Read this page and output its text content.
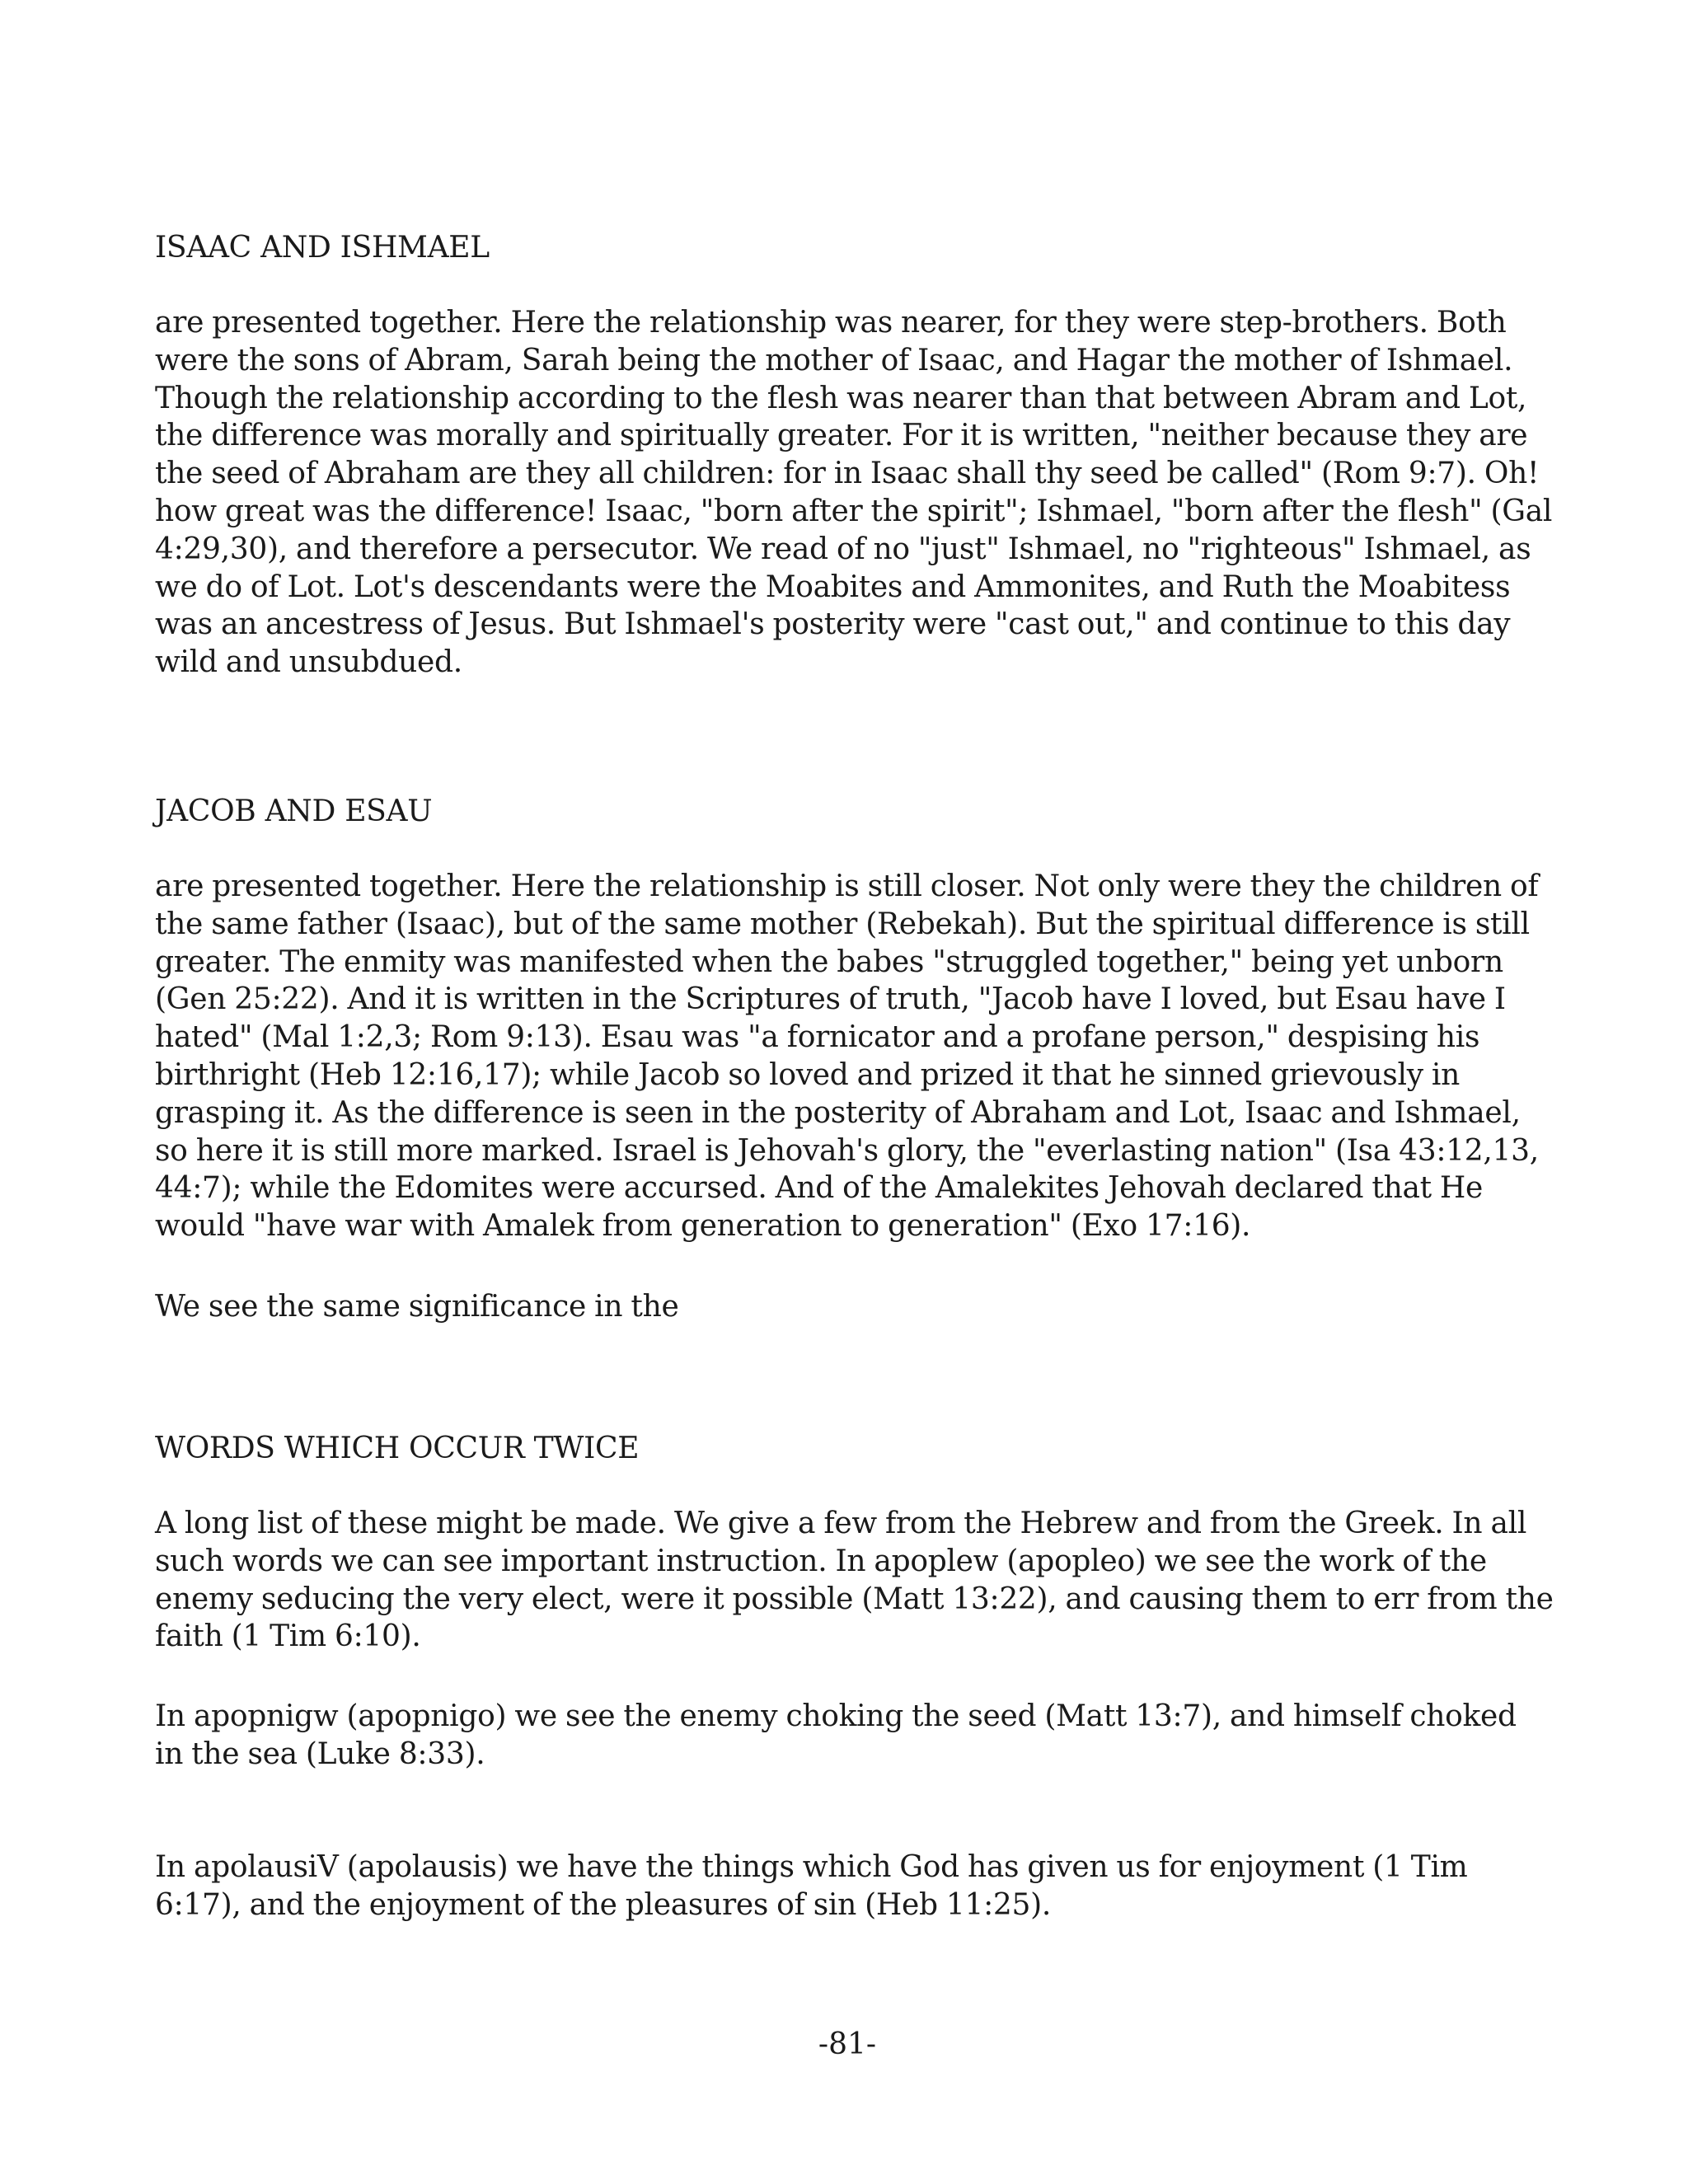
ISAAC AND ISHMAEL

are presented together. Here the relationship was nearer, for they were step-brothers. Both
were the sons of Abram, Sarah being the mother of Isaac, and Hagar the mother of Ishmael.
Though the relationship according to the flesh was nearer than that between Abram and Lot,
the difference was morally and spiritually greater. For it is written, "neither because they are
the seed of Abraham are they all children: for in Isaac shall thy seed be called" (Rom 9:7). Oh!
how great was the difference! Isaac, "born after the spirit"; Ishmael, "born after the flesh" (Gal
4:29,30), and therefore a persecutor. We read of no "just" Ishmael, no "righteous" Ishmael, as
we do of Lot. Lot's descendants were the Moabites and Ammonites, and Ruth the Moabitess
was an ancestress of Jesus. But Ishmael's posterity were "cast out," and continue to this day
wild and unsubdued.

JACOB AND ESAU

are presented together. Here the relationship is still closer. Not only were they the children of
the same father (Isaac), but of the same mother (Rebekah). But the spiritual difference is still
greater. The enmity was manifested when the babes "struggled together," being yet unborn
(Gen 25:22). And it is written in the Scriptures of truth, "Jacob have I loved, but Esau have I
hated" (Mal 1:2,3; Rom 9:13). Esau was "a fornicator and a profane person," despising his
birthright (Heb 12:16,17); while Jacob so loved and prized it that he sinned grievously in
grasping it. As the difference is seen in the posterity of Abraham and Lot, Isaac and Ishmael,
so here it is still more marked. Israel is Jehovah's glory, the "everlasting nation" (Isa 43:12,13,
44:7); while the Edomites were accursed. And of the Amalekites Jehovah declared that He
would "have war with Amalek from generation to generation" (Exo 17:16).

We see the same significance in the

WORDS WHICH OCCUR TWICE

A long list of these might be made. We give a few from the Hebrew and from the Greek. In all
such words we can see important instruction. In apoplew (apopleo) we see the work of the
enemy seducing the very elect, were it possible (Matt 13:22), and causing them to err from the
faith (1 Tim 6:10).

In apopnigw (apopnigo) we see the enemy choking the seed (Matt 13:7), and himself choked
in the sea (Luke 8:33).

In apolausiV (apolausis) we have the things which God has given us for enjoyment (1 Tim
6:17), and the enjoyment of the pleasures of sin (Heb 11:25).

-81-
